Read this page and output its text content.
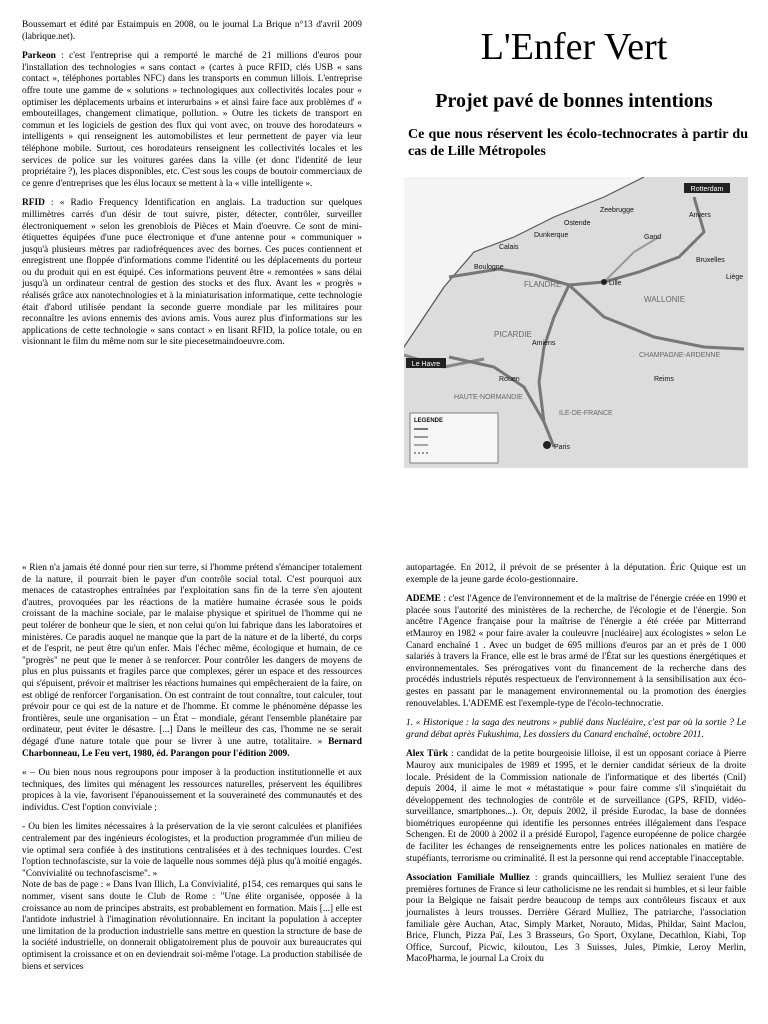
Boussemart et édité par Estaimpuis en 2008, ou le journal La Brique n°13 d'avril 2009 (labrique.net).

Parkeon : c'est l'entreprise qui a remporté le marché de 21 millions d'euros pour l'installation des technologies « sans contact » (cartes à puce RFID, clés USB « sans contact », téléphones portables NFC) dans les transports en commun lillois. L'entreprise offre toute une gamme de « solutions » technologiques aux collectivités locales pour « optimiser les déplacements urbains et interurbains » et ainsi faire face aux problèmes d' « embouteillages, changement climatique, pollution. » Outre les tickets de transport en commun et les logiciels de gestion des flux qui vont avec, on trouve des horodateurs « intelligents » qui renseignent les automobilistes et leur permettent de payer via leur téléphone mobile. Surtout, ces horodateurs renseignent les collectivités locales et les services de police sur les voitures garées dans la ville (et donc l'identité de leur propriétaire ?), les places disponibles, etc. C'est sous les coups de boutoir commerciaux de ce genre d'entreprises que les élus locaux se mettent à la « ville intelligente ».

RFID : « Radio Frequency Identification en anglais. La traduction sur quelques millimètres carrés d'un désir de tout suivre, pister, détecter, contrôler, surveiller électroniquement » selon les grenoblois de Pièces et Main d'oeuvre. Ce sont de mini-étiquettes équipées d'une puce électronique et d'une antenne pour « communiquer » jusqu'à plusieurs mètres par radiofréquences avec des bornes. Ces puces contiennent et enregistrent une floppée d'informations comme l'identité ou les déplacements du porteur ou du produit qui en est équipé. Ces informations peuvent être « remontées » sans délai jusqu'à un ordinateur central de gestion des stocks et des flux. Avant les « progrès » réalisés grâce aux nanotechnologies et à la miniaturisation informatique, cette technologie était d'abord utilisée pendant la seconde guerre mondiale par les militaires pour reconnaître les avions ennemis des avions amis. Vous aurez plus d'informations sur les applications de cette technologie « sans contact » en lisant RFID, la police totale, ou en visionnant le film du même nom sur le site piecesetmaindoeuvre.com.

L'Enfer Vert
Projet pavé de bonnes intentions

Ce que nous réservent les écolo-technocrates à partir du cas de Lille Métropoles

Rotterdam
Zeebrugge
Ostende
Gand
Anvers
Bruxelles
Lille
Liège
Boulogne
Calais
Dunkerque
Le Havre
Rouen
Amiens
Paris
Reims
FLANDRE
WALLONIE
PICARDIE
CHAMPAGNE-ARDENNE
HAUTE-NORMANDIE
ILE-DE-FRANCE
LEGENDE

« Rien n'a jamais été donné pour rien sur terre, si l'homme prétend s'émanciper totalement de la nature, il pourrait bien le payer d'un contrôle social total. C'est pourquoi aux menaces de catastrophes entraînées par l'exploitation sans fin de la terre s'en ajoutent d'autres, provoquées par les réactions de la matière humaine écrasée sous le poids croissant de la machine sociale, par le malaise physique et spirituel de l'homme qui ne peut tolérer de bonheur que le sien, et non celui qu'on lui fabrique dans les laboratoires et ministères. Ce paradis auquel ne manque que la part de la nature et de la liberté, du corps et de l'esprit, ne peut être qu'un enfer. Mais l'échec même, écologique et humain, de ce "progrès" ne peut que le mener à se renforcer. Pour contrôler les dangers de moyens de plus en plus puissants et fragiles parce que complexes, gérer un espace et des ressources qui s'épuisent, prévoir et maîtriser les réactions humaines qui empêcheraient de la faire, on est obligé de renforcer l'organisation. On est contraint de tout connaître, tout calculer, tout prévoir pour ce qui est de la nature et de l'homme. Et comme le phénomène dépasse les frontières, seule une organisation – un État – mondiale, gérant l'ensemble planétaire par ordinateur, peut éviter le désastre. [...] Dans le meilleur des cas, l'homme ne se serait dégagé d'une nature totale que pour se livrer à une autre, totalitaire. » Bernard Charbonneau, Le Feu vert, 1980, éd. Parangon pour l'édition 2009.

« – Ou bien nous nous regroupons pour imposer à la production institutionnelle et aux techniques, des limites qui ménagent les ressources naturelles, préservent les équilibres propices à la vie, favorisent l'épanouissement et la souveraineté des communautés et des individus. C'est l'option conviviale ;

- Ou bien les limites nécessaires à la préservation de la vie seront calculées et planifiées centralement par des ingénieurs écologistes, et la production programmée d'un milieu de vie optimal sera confiée à des institutions centralisées et à des techniques lourdes. C'est l'option technofasciste, sur la voie de laquelle nous sommes déjà plus qu'à moitié engagés. "Convivialité ou technofascisme". »

Note de bas de page : « Dans Ivan Illich, La Convivialité, p154, ces remarques qui sans le nommer, visent sans doute le Club de Rome : "Une élite organisée, opposée à la croissance au nom de principes abstraits, est probablement en formation. Mais [...] elle est l'antidote industriel à l'imagination révolutionnaire. En incitant la population à accepter une limitation de la production industrielle sans mettre en question la structure de base de la société industrielle, on donnerait obligatoirement plus de pouvoir aux bureaucrates qui optimisent la croissance et on en deviendrait soi-même l'otage. La production stabilisée de biens et services

autopartagée. En 2012, il prévoit de se présenter à la députation. Éric Quique est un exemple de la jeune garde écolo-gestionnaire.

ADEME : c'est l'Agence de l'environnement et de la maîtrise de l'énergie créée en 1990 et placée sous l'autorité des ministères de la recherche, de l'écologie et de l'énergie. Son ancêtre l'Agence française pour la maîtrise de l'énergie a été créée par Mitterrand etMauroy en 1982 « pour faire avaler la couleuvre [nucléaire] aux écologistes » selon Le Canard enchaîné 1 . Avec un budget de 695 millions d'euros par an et près de 1 000 salariés à travers la France, elle est le bras armé de l'État sur les questions énergétiques et environnementales. Ses prérogatives vont du financement de la recherche dans des procédés industriels réputés respectueux de l'environnement à la sensibilisation aux éco- gestes en passant par le management environnemental ou la promotion des énergies renouvelables. L'ADEME est l'exemple-type de l'écolo-technocratie.

1. « Historique : la saga des neutrons » publié dans Nucléaire, c'est par où la sortie ? Le grand débat après Fukushima, Les dossiers du Canard enchaîné, octobre 2011.

Alex Türk : candidat de la petite bourgeoisie lilloise, il est un opposant coriace à Pierre Mauroy aux municipales de 1989 et 1995, et le dernier candidat sérieux de la droite locale. Président de la Commission nationale de l'informatique et des libertés (Cnil) depuis 2004, il aime le mot « métastatique » pour faire comme s'il s'inquiétait du développement des technologies de contrôle et de surveillance (GPS, RFID, vidéo- surveillance, smartphones...). Or, depuis 2002, il préside Eurodac, la base de données biométriques européenne qui identifie les personnes entrées illégalement dans l'espace Schengen. Et de 2000 à 2002 il a présidé Europol, l'agence européenne de police chargée de faciliter les échanges de renseignements entre les polices nationales en matière de stupéfiants, terrorisme ou criminalité. Il est la personne qui rend acceptable l'inacceptable.

Association Familiale Mulliez : grands quincailliers, les Mulliez seraient l'une des premières fortunes de France si leur catholicisme ne les rendait si humbles, et si leur faible pour la Belgique ne faisait perdre beaucoup de temps aux contrôleurs fiscaux et aux journalistes à leurs trousses. Derrière Gérard Mulliez, The patriarche, l'association familiale gère Auchan, Atac, Simply Market, Norauto, Midas, Phildar, Saint Maclou, Brice, Flunch, Pizza Paï, Les 3 Brasseurs, Go Sport, Oxylane, Decathlon, Kiabi, Top Office, Surcouf, Picwic, kiloutou, Les 3 Suisses, Jules, Pimkie, Leroy Merlin, MacoPharma, le journal La Croix du
